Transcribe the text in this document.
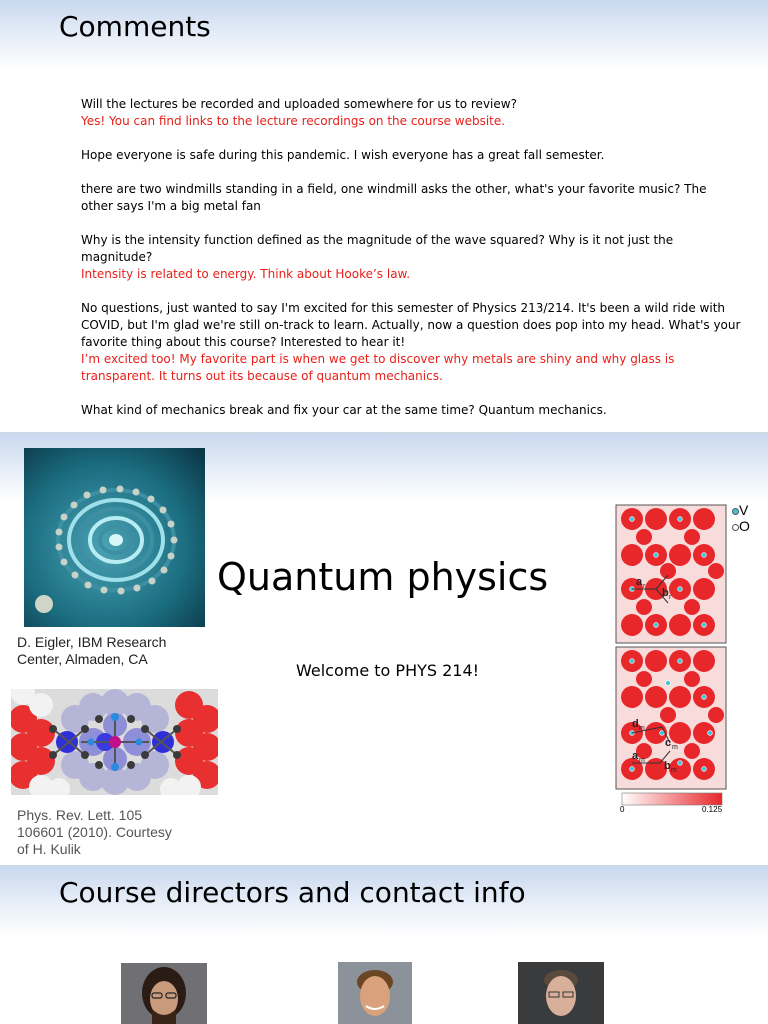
Comments

Will the lectures be recorded and uploaded somewhere for us to review?
Yes! You can find links to the lecture recordings on the course website.

Hope everyone is safe during this pandemic. I wish everyone has a great fall semester.

there are two windmills standing in a field, one windmill asks the other, what's your favorite music? The other says I'm a big metal fan

Why is the intensity function defined as the magnitude of the wave squared? Why is it not just the magnitude?
Intensity is related to energy. Think about Hooke’s law.

No questions, just wanted to say I'm excited for this semester of Physics 213/214. It's been a wild ride with COVID, but I'm glad we're still on-track to learn. Actually, now a question does pop into my head. What's your favorite thing about this course? Interested to hear it!
I’m excited too! My favorite part is when we get to discover why metals are shiny and why glass is transparent. It turns out its because of quantum mechanics.

What kind of mechanics break and fix your car at the same time? Quantum mechanics.

D. Eigler, IBM Research
Center, Almaden, CA
Phys. Rev. Lett. 105
106601 (2010). Courtesy
of H. Kulik
Quantum physics
Welcome to PHYS 214!
a r
b r
d m
c m
a m b m
0	0.125
V
O
Course directors and contact info
